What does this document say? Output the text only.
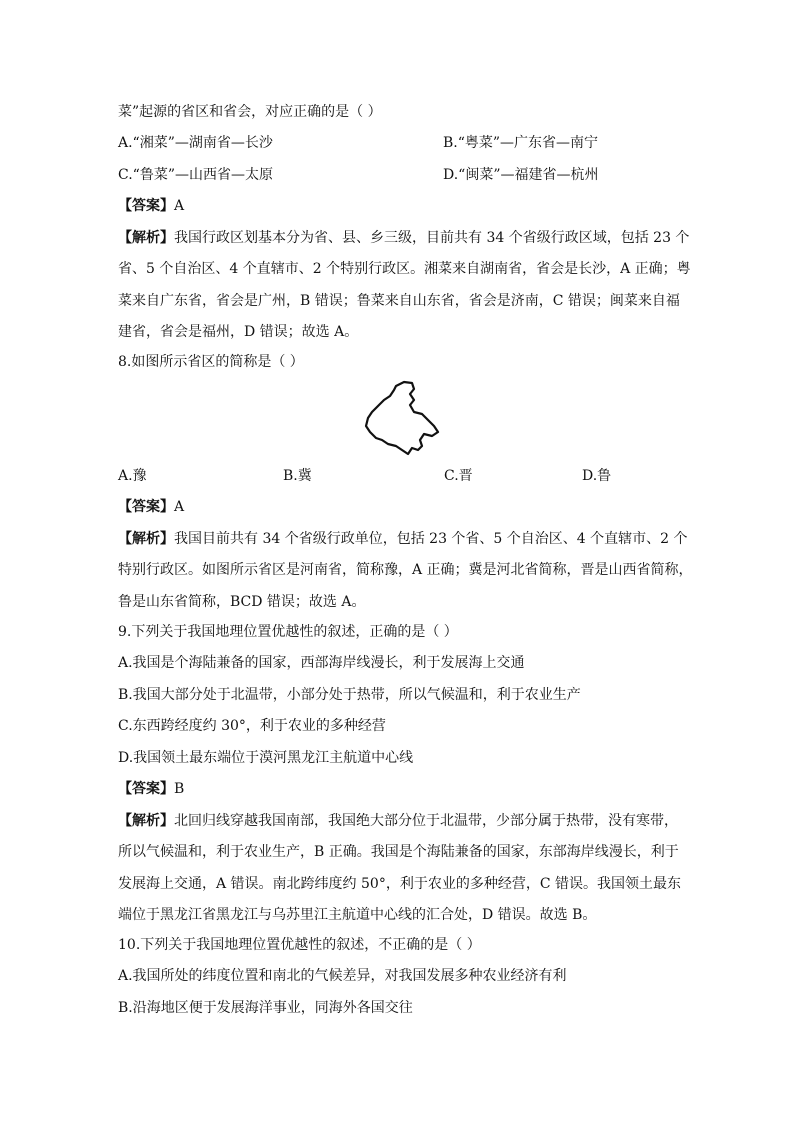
菜”起源的省区和省会，对应正确的是（ ）
A.“湘菜”—湖南省—长沙	B.“粤菜”—广东省—南宁
C.“鲁菜”—山西省—太原	D.“闽菜”—福建省—杭州
【答案】A
【解析】我国行政区划基本分为省、县、乡三级，目前共有 34 个省级行政区域，包括 23 个
省、5 个自治区、4 个直辖市、2 个特别行政区。湘菜来自湖南省，省会是长沙，A 正确；粤
菜来自广东省，省会是广州，B 错误；鲁菜来自山东省，省会是济南，C 错误；闽菜来自福
建省，省会是福州，D 错误；故选 A。
8.如图所示省区的简称是（ ）
A.豫	B.冀	C.晋	D.鲁
【答案】A
【解析】我国目前共有 34 个省级行政单位，包括 23 个省、5 个自治区、4 个直辖市、2 个
特别行政区。如图所示省区是河南省，简称豫，A 正确；冀是河北省简称，晋是山西省简称，
鲁是山东省简称，BCD 错误；故选 A。
9.下列关于我国地理位置优越性的叙述，正确的是（ ）
A.我国是个海陆兼备的国家，西部海岸线漫长，利于发展海上交通
B.我国大部分处于北温带，小部分处于热带，所以气候温和，利于农业生产
C.东西跨经度约 30°，利于农业的多种经营
D.我国领土最东端位于漠河黑龙江主航道中心线
【答案】B
【解析】北回归线穿越我国南部，我国绝大部分位于北温带，少部分属于热带，没有寒带，
所以气候温和，利于农业生产，B 正确。我国是个海陆兼备的国家，东部海岸线漫长，利于
发展海上交通，A 错误。南北跨纬度约 50°，利于农业的多种经营，C 错误。我国领土最东
端位于黑龙江省黑龙江与乌苏里江主航道中心线的汇合处，D 错误。故选 B。
10.下列关于我国地理位置优越性的叙述，不正确的是（ ）
A.我国所处的纬度位置和南北的气候差异，对我国发展多种农业经济有利
B.沿海地区便于发展海洋事业，同海外各国交往
